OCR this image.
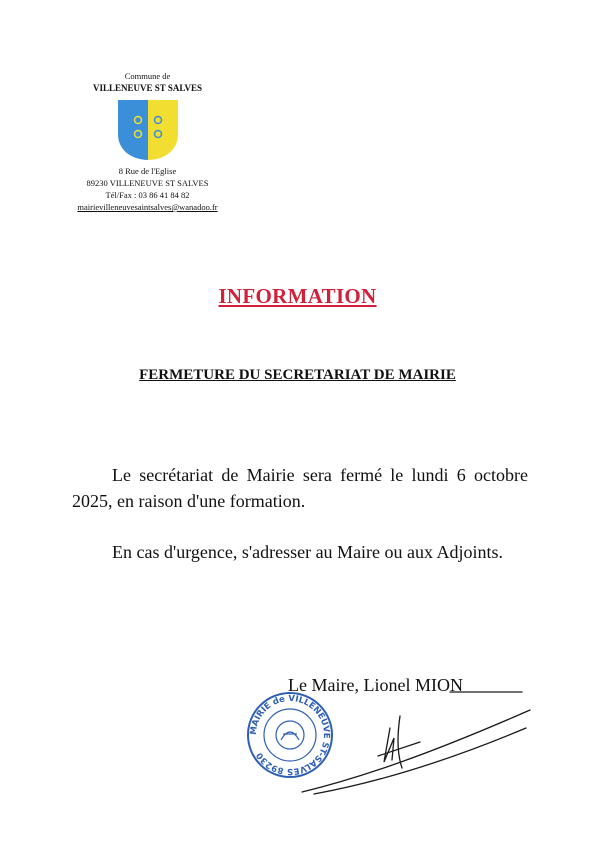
Commune de
VILLENEUVE ST SALVES
8 Rue de l'Eglise
89230 VILLENEUVE ST SALVES
Tél/Fax : 03 86 41 84 82
mairievilleneuvesaintsalves@wanadoo.fr
INFORMATION
FERMETURE DU SECRETARIAT DE MAIRIE

Le secrétariat de Mairie sera fermé le lundi 6 octobre 2025, en raison d'une formation.

En cas d'urgence, s'adresser au Maire ou aux Adjoints.

Le Maire, Lionel MION
MAIRIE de VILLENEUVE ST-SALVES 89230
